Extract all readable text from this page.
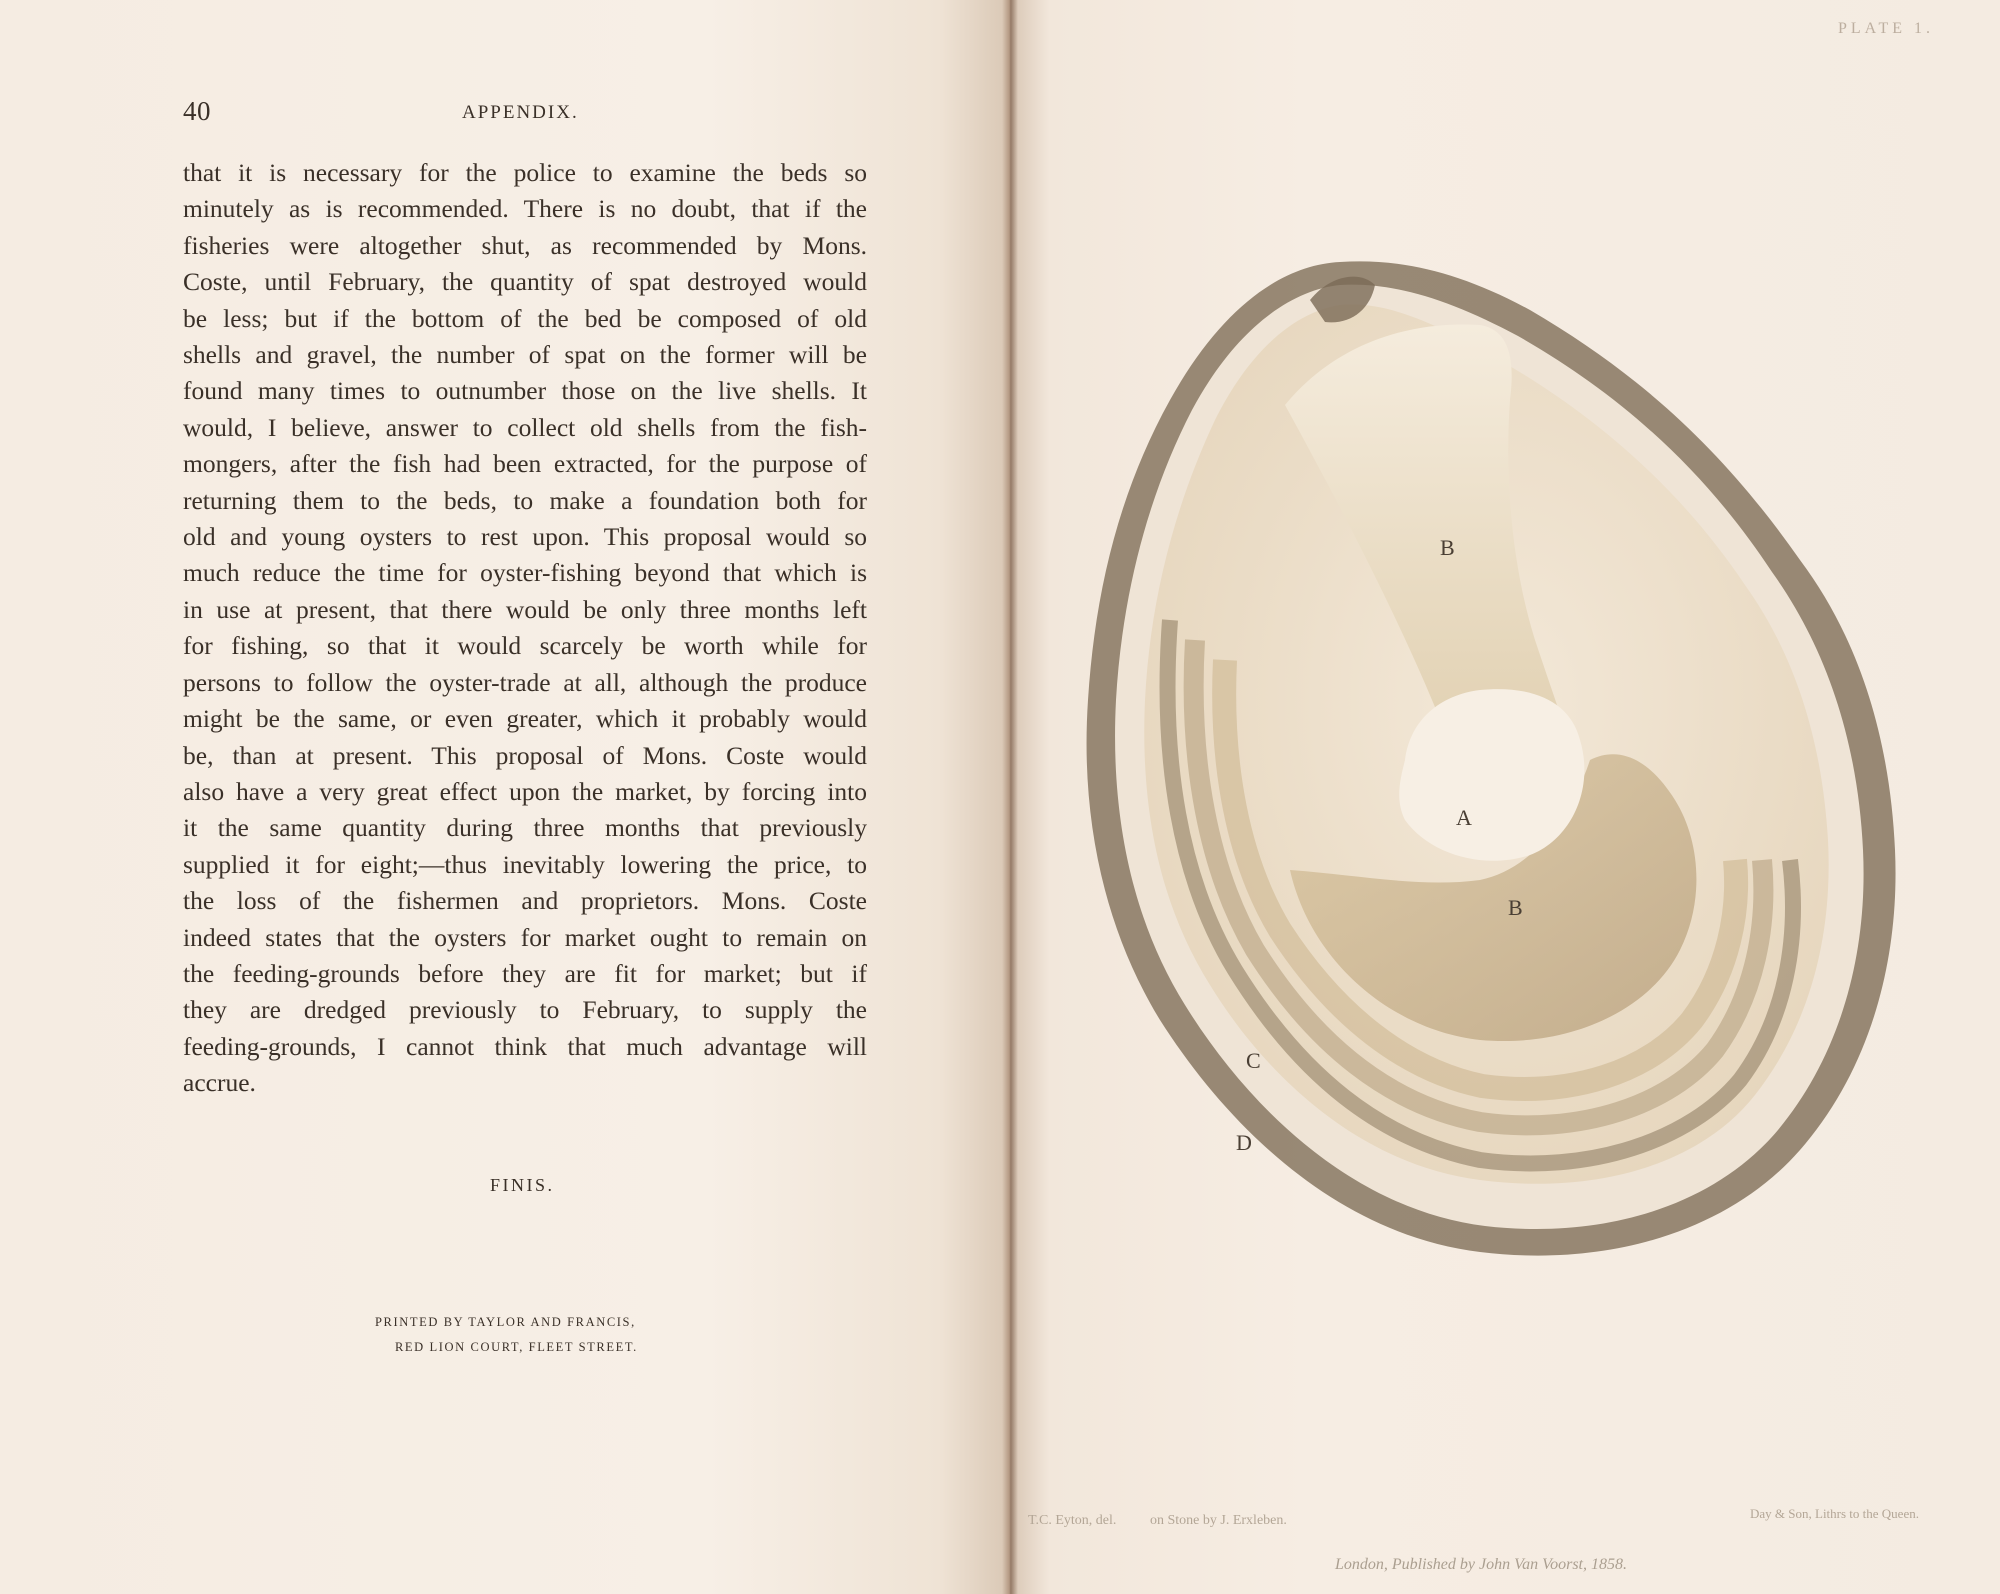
40	APPENDIX.
that it is necessary for the police to examine the beds so
minutely as is recommended. There is no doubt, that if the
fisheries were altogether shut, as recommended by Mons.
Coste, until February, the quantity of spat destroyed would
be less; but if the bottom of the bed be composed of old
shells and gravel, the number of spat on the former will be
found many times to outnumber those on the live shells. It
would, I believe, answer to collect old shells from the fish-
mongers, after the fish had been extracted, for the purpose of
returning them to the beds, to make a foundation both for
old and young oysters to rest upon. This proposal would so
much reduce the time for oyster-fishing beyond that which is
in use at present, that there would be only three months left
for fishing, so that it would scarcely be worth while for
persons to follow the oyster-trade at all, although the produce
might be the same, or even greater, which it probably would
be, than at present. This proposal of Mons. Coste would
also have a very great effect upon the market, by forcing into
it the same quantity during three months that previously
supplied it for eight;—thus inevitably lowering the price, to
the loss of the fishermen and proprietors. Mons. Coste
indeed states that the oysters for market ought to remain on
the feeding-grounds before they are fit for market; but if
they are dredged previously to February, to supply the
feeding-grounds, I cannot think that much advantage will
accrue.
FINIS.
PRINTED BY TAYLOR AND FRANCIS,
RED LION COURT, FLEET STREET.
PLATE 1.
B
A
B
C
D
T.C. Eyton, del. on Stone by J. Erxleben.	Day & Son, Lithrs to the Queen.
London, Published by John Van Voorst, 1858.
